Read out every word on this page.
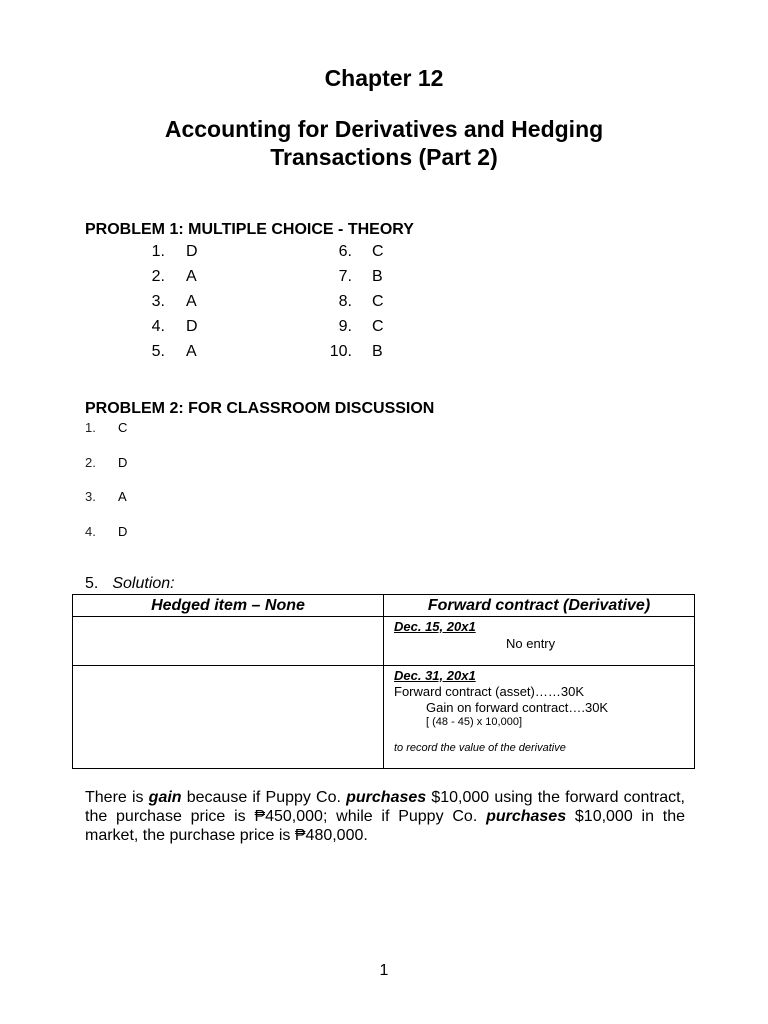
Chapter 12
Accounting for Derivatives and Hedging
Transactions (Part 2)
PROBLEM 1: MULTIPLE CHOICE - THEORY
1. D
2. A
3. A
4. D
5. A
6. C
7. B
8. C
9. C
10. B
PROBLEM 2: FOR CLASSROOM DISCUSSION
1. C
2. D
3. A
4. D
5. Solution:
Hedged item – None	Forward contract (Derivative)

	Dec. 15, 20x1
No entry

	Dec. 31, 20x1
Forward contract (asset)……30K
Gain on forward contract….30K
[ (48 - 45) x 10,000]
to record the value of the derivative
There is gain because if Puppy Co. purchases $10,000 using the forward contract, the purchase price is ₱450,000; while if Puppy Co. purchases $10,000 in the market, the purchase price is ₱480,000.
1
